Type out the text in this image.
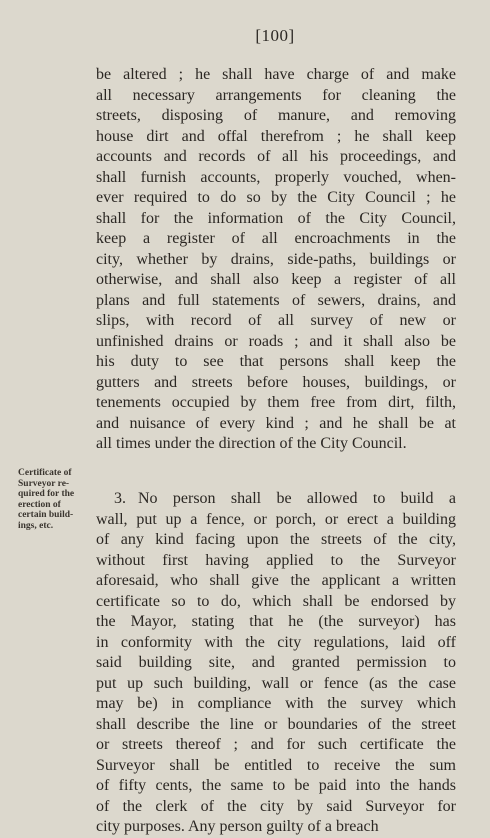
[100]
be altered ; he shall have charge of and make
all necessary arrangements for cleaning the
streets, disposing of manure, and removing
house dirt and offal therefrom ; he shall keep
accounts and records of all his proceedings, and
shall furnish accounts, properly vouched, when-
ever required to do so by the City Council ; he
shall for the information of the City Council,
keep a register of all encroachments in the
city, whether by drains, side-paths, buildings or
otherwise, and shall also keep a register of all
plans and full statements of sewers, drains, and
slips, with record of all survey of new or
unfinished drains or roads ; and it shall also be
his duty to see that persons shall keep the
gutters and streets before houses, buildings, or
tenements occupied by them free from dirt, filth,
and nuisance of every kind ; and he shall be at
all times under the direction of the City Council.
Certificate of
Surveyor re-
quired for the
erection of
certain build-
ings, etc.
3. No person shall be allowed to build a
wall, put up a fence, or porch, or erect a building
of any kind facing upon the streets of the city,
without first having applied to the Surveyor
aforesaid, who shall give the applicant a written
certificate so to do, which shall be endorsed by
the Mayor, stating that he (the surveyor) has
in conformity with the city regulations, laid off
said building site, and granted permission to
put up such building, wall or fence (as the case
may be) in compliance with the survey which
shall describe the line or boundaries of the street
or streets thereof ; and for such certificate the
Surveyor shall be entitled to receive the sum
of fifty cents, the same to be paid into the hands
of the clerk of the city by said Surveyor for
city purposes. Any person guilty of a breach
